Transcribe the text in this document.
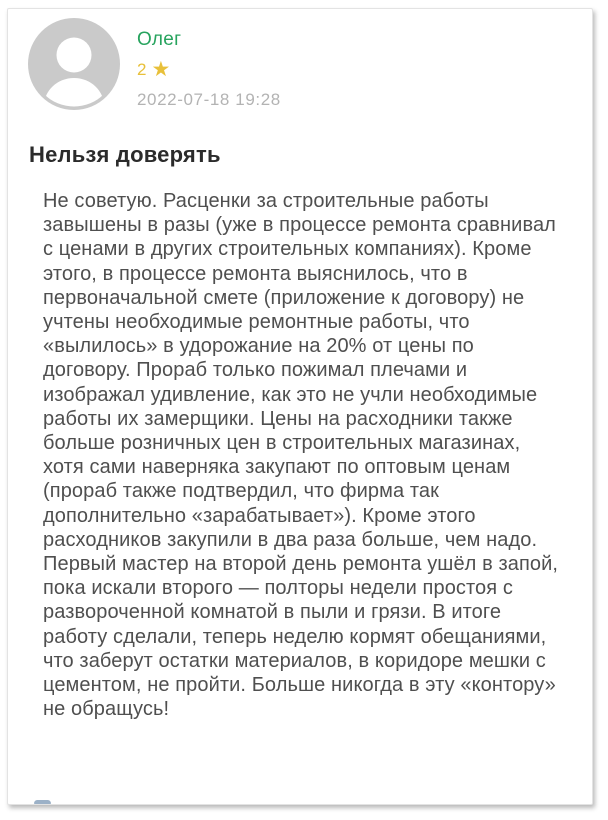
Олег
2 ★
2022-07-18 19:28
Нельзя доверять

Не советую. Расценки за строительные работы завышены в разы (уже в процессе ремонта сравнивал с ценами в других строительных компаниях). Кроме этого, в процессе ремонта выяснилось, что в первоначальной смете (приложение к договору) не учтены необходимые ремонтные работы, что «вылилось» в удорожание на 20% от цены по договору. Прораб только пожимал плечами и изображал удивление, как это не учли необходимые работы их замерщики. Цены на расходники также больше розничных цен в строительных магазинах, хотя сами наверняка закупают по оптовым ценам (прораб также подтвердил, что фирма так дополнительно «зарабатывает»). Кроме этого расходников закупили в два раза больше, чем надо. Первый мастер на второй день ремонта ушёл в запой, пока искали второго — полторы недели простоя с развороченной комнатой в пыли и грязи. В итоге работу сделали, теперь неделю кормят обещаниями, что заберут остатки материалов, в коридоре мешки с цементом, не пройти. Больше никогда в эту «контору» не обращусь!
